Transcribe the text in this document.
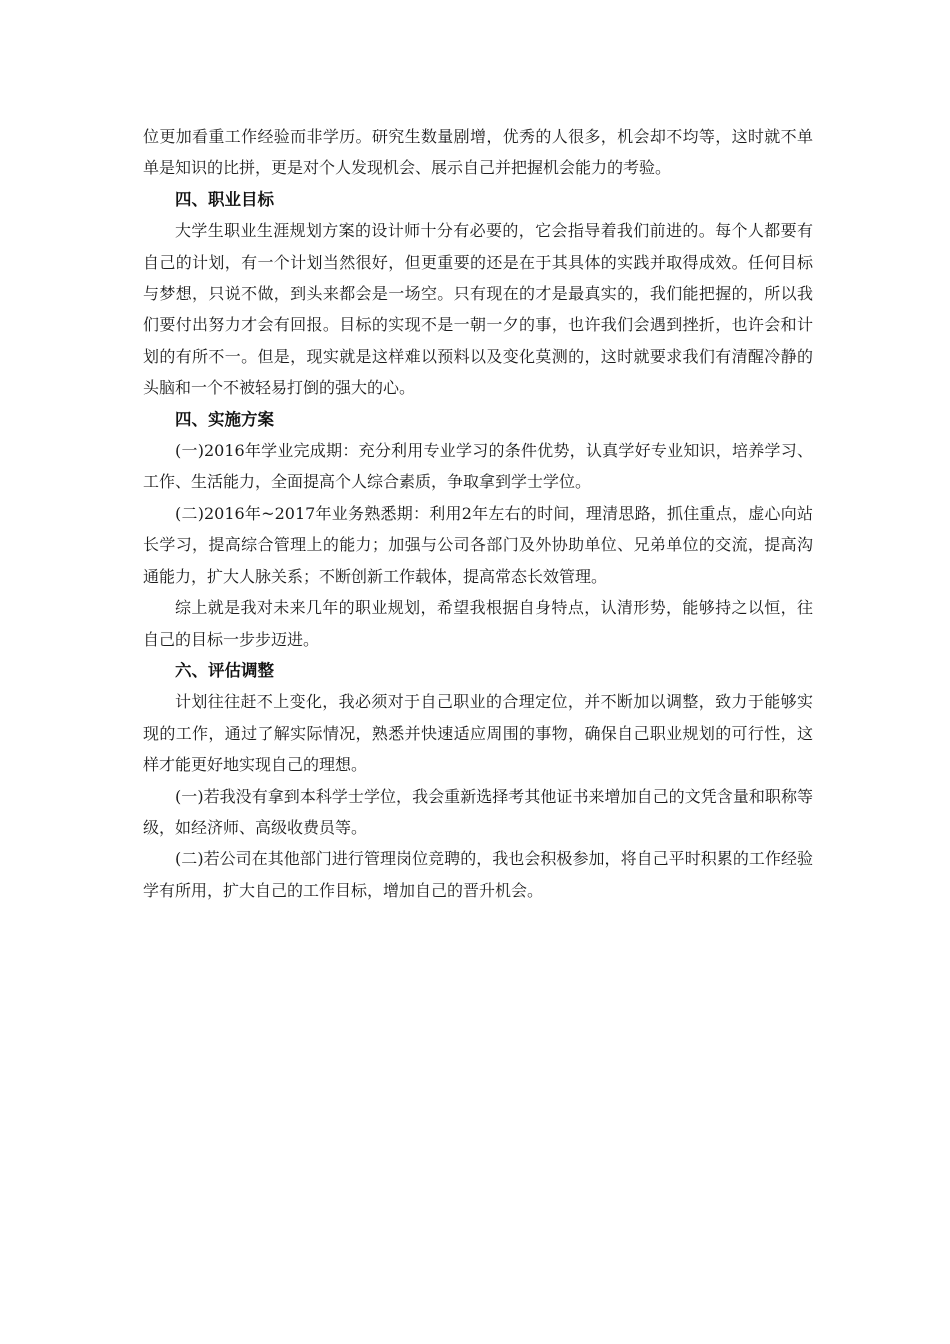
位更加看重工作经验而非学历。研究生数量剧增，优秀的人很多，机会却不均等，这时就不单单是知识的比拼，更是对个人发现机会、展示自己并把握机会能力的考验。

四、职业目标

大学生职业生涯规划方案的设计师十分有必要的，它会指导着我们前进的。每个人都要有自己的计划，有一个计划当然很好，但更重要的还是在于其具体的实践并取得成效。任何目标与梦想，只说不做，到头来都会是一场空。只有现在的才是最真实的，我们能把握的，所以我们要付出努力才会有回报。目标的实现不是一朝一夕的事，也许我们会遇到挫折，也许会和计划的有所不一。但是，现实就是这样难以预料以及变化莫测的，这时就要求我们有清醒冷静的头脑和一个不被轻易打倒的强大的心。

四、实施方案

(一)2016年学业完成期：充分利用专业学习的条件优势，认真学好专业知识，培养学习、工作、生活能力，全面提高个人综合素质，争取拿到学士学位。

(二)2016年~2017年业务熟悉期：利用2年左右的时间，理清思路，抓住重点，虚心向站长学习，提高综合管理上的能力；加强与公司各部门及外协助单位、兄弟单位的交流，提高沟通能力，扩大人脉关系；不断创新工作载体，提高常态长效管理。

综上就是我对未来几年的职业规划，希望我根据自身特点，认清形势，能够持之以恒，往自己的目标一步步迈进。

六、评估调整

计划往往赶不上变化，我必须对于自己职业的合理定位，并不断加以调整，致力于能够实现的工作，通过了解实际情况，熟悉并快速适应周围的事物，确保自己职业规划的可行性，这样才能更好地实现自己的理想。

(一)若我没有拿到本科学士学位，我会重新选择考其他证书来增加自己的文凭含量和职称等级，如经济师、高级收费员等。

(二)若公司在其他部门进行管理岗位竞聘的，我也会积极参加，将自己平时积累的工作经验学有所用，扩大自己的工作目标，增加自己的晋升机会。
